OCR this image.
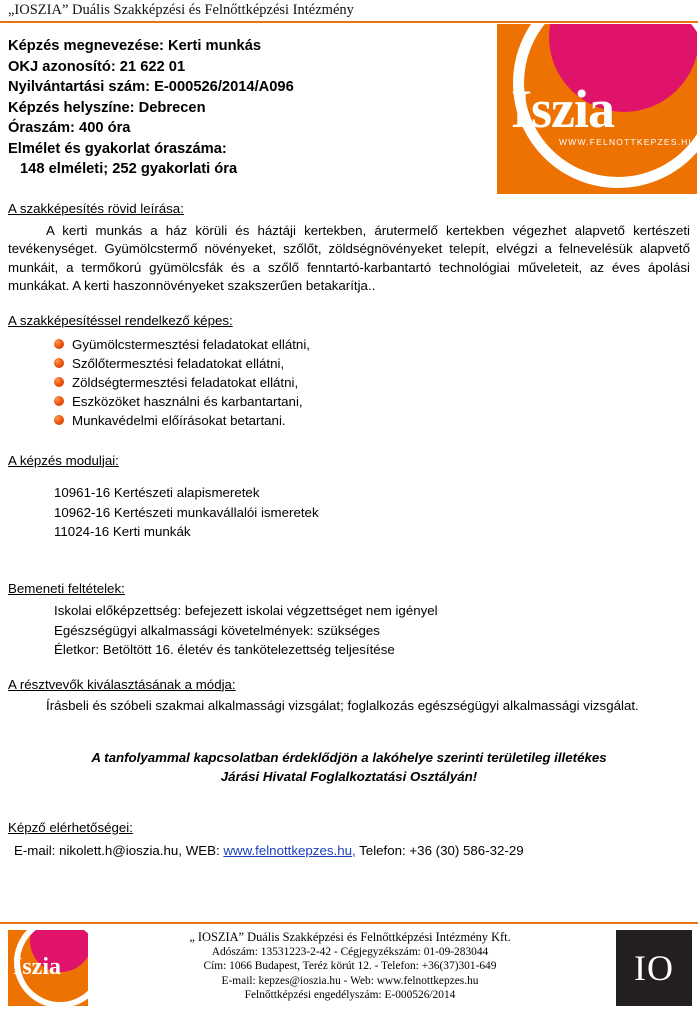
„IOSZIA” Duális Szakképzési és Felnőttképzési Intézmény
Iszia
WWW.FELNOTTKEPZES.HU
Képzés megnevezése: Kerti munkás
OKJ azonosító: 21 622 01
Nyilvántartási szám: E-000526/2014/A096
Képzés helyszíne: Debrecen
Óraszám: 400 óra
Elmélet és gyakorlat óraszáma:
148 elméleti; 252 gyakorlati óra
A szakképesítés rövid leírása:

A kerti munkás a ház körüli és háztáji kertekben, árutermelő kertekben végezhet alapvető kertészeti tevékenységet. Gyümölcstermő növényeket, szőlőt, zöldségnövényeket telepít, elvégzi a felnevelésük alapvető munkáit, a termőkorú gyümölcsfák és a szőlő fenntartó-karbantartó technológiai műveleteit, az éves ápolási munkákat. A kerti haszonnövényeket szakszerűen betakarítja..

A szakképesítéssel rendelkező képes:
Gyümölcstermesztési feladatokat ellátni,
Szőlőtermesztési feladatokat ellátni,
Zöldségtermesztési feladatokat ellátni,
Eszközöket használni és karbantartani,
Munkavédelmi előírásokat betartani.
A képzés moduljai:
10961-16 Kertészeti alapismeretek
10962-16 Kertészeti munkavállalói ismeretek
11024-16 Kerti munkák
Bemeneti feltételek:
Iskolai előképzettség: befejezett iskolai végzettséget nem igényel
Egészségügyi alkalmassági követelmények: szükséges
Életkor: Betöltött 16. életév és tankötelezettség teljesítése
A résztvevők kiválasztásának a módja:
Írásbeli és szóbeli szakmai alkalmassági vizsgálat; foglalkozás egészségügyi alkalmassági vizsgálat.
A tanfolyammal kapcsolatban érdeklődjön a lakóhelye szerinti területileg illetékes
Járási Hivatal Foglalkoztatási Osztályán!
Képző elérhetőségei:
E-mail: nikolett.h@ioszia.hu, WEB: www.felnottkepzes.hu, Telefon: +36 (30) 586-32-29
Iszia
„ IOSZIA” Duális Szakképzési és Felnőttképzési Intézmény Kft.
Adószám: 13531223-2-42 - Cégjegyzékszám: 01-09-283044
Cím: 1066 Budapest, Teréz körút 12. - Telefon: +36(37)301-649
E-mail: kepzes@ioszia.hu - Web: www.felnottkepzes.hu
Felnőttképzési engedélyszám: E-000526/2014
IO
